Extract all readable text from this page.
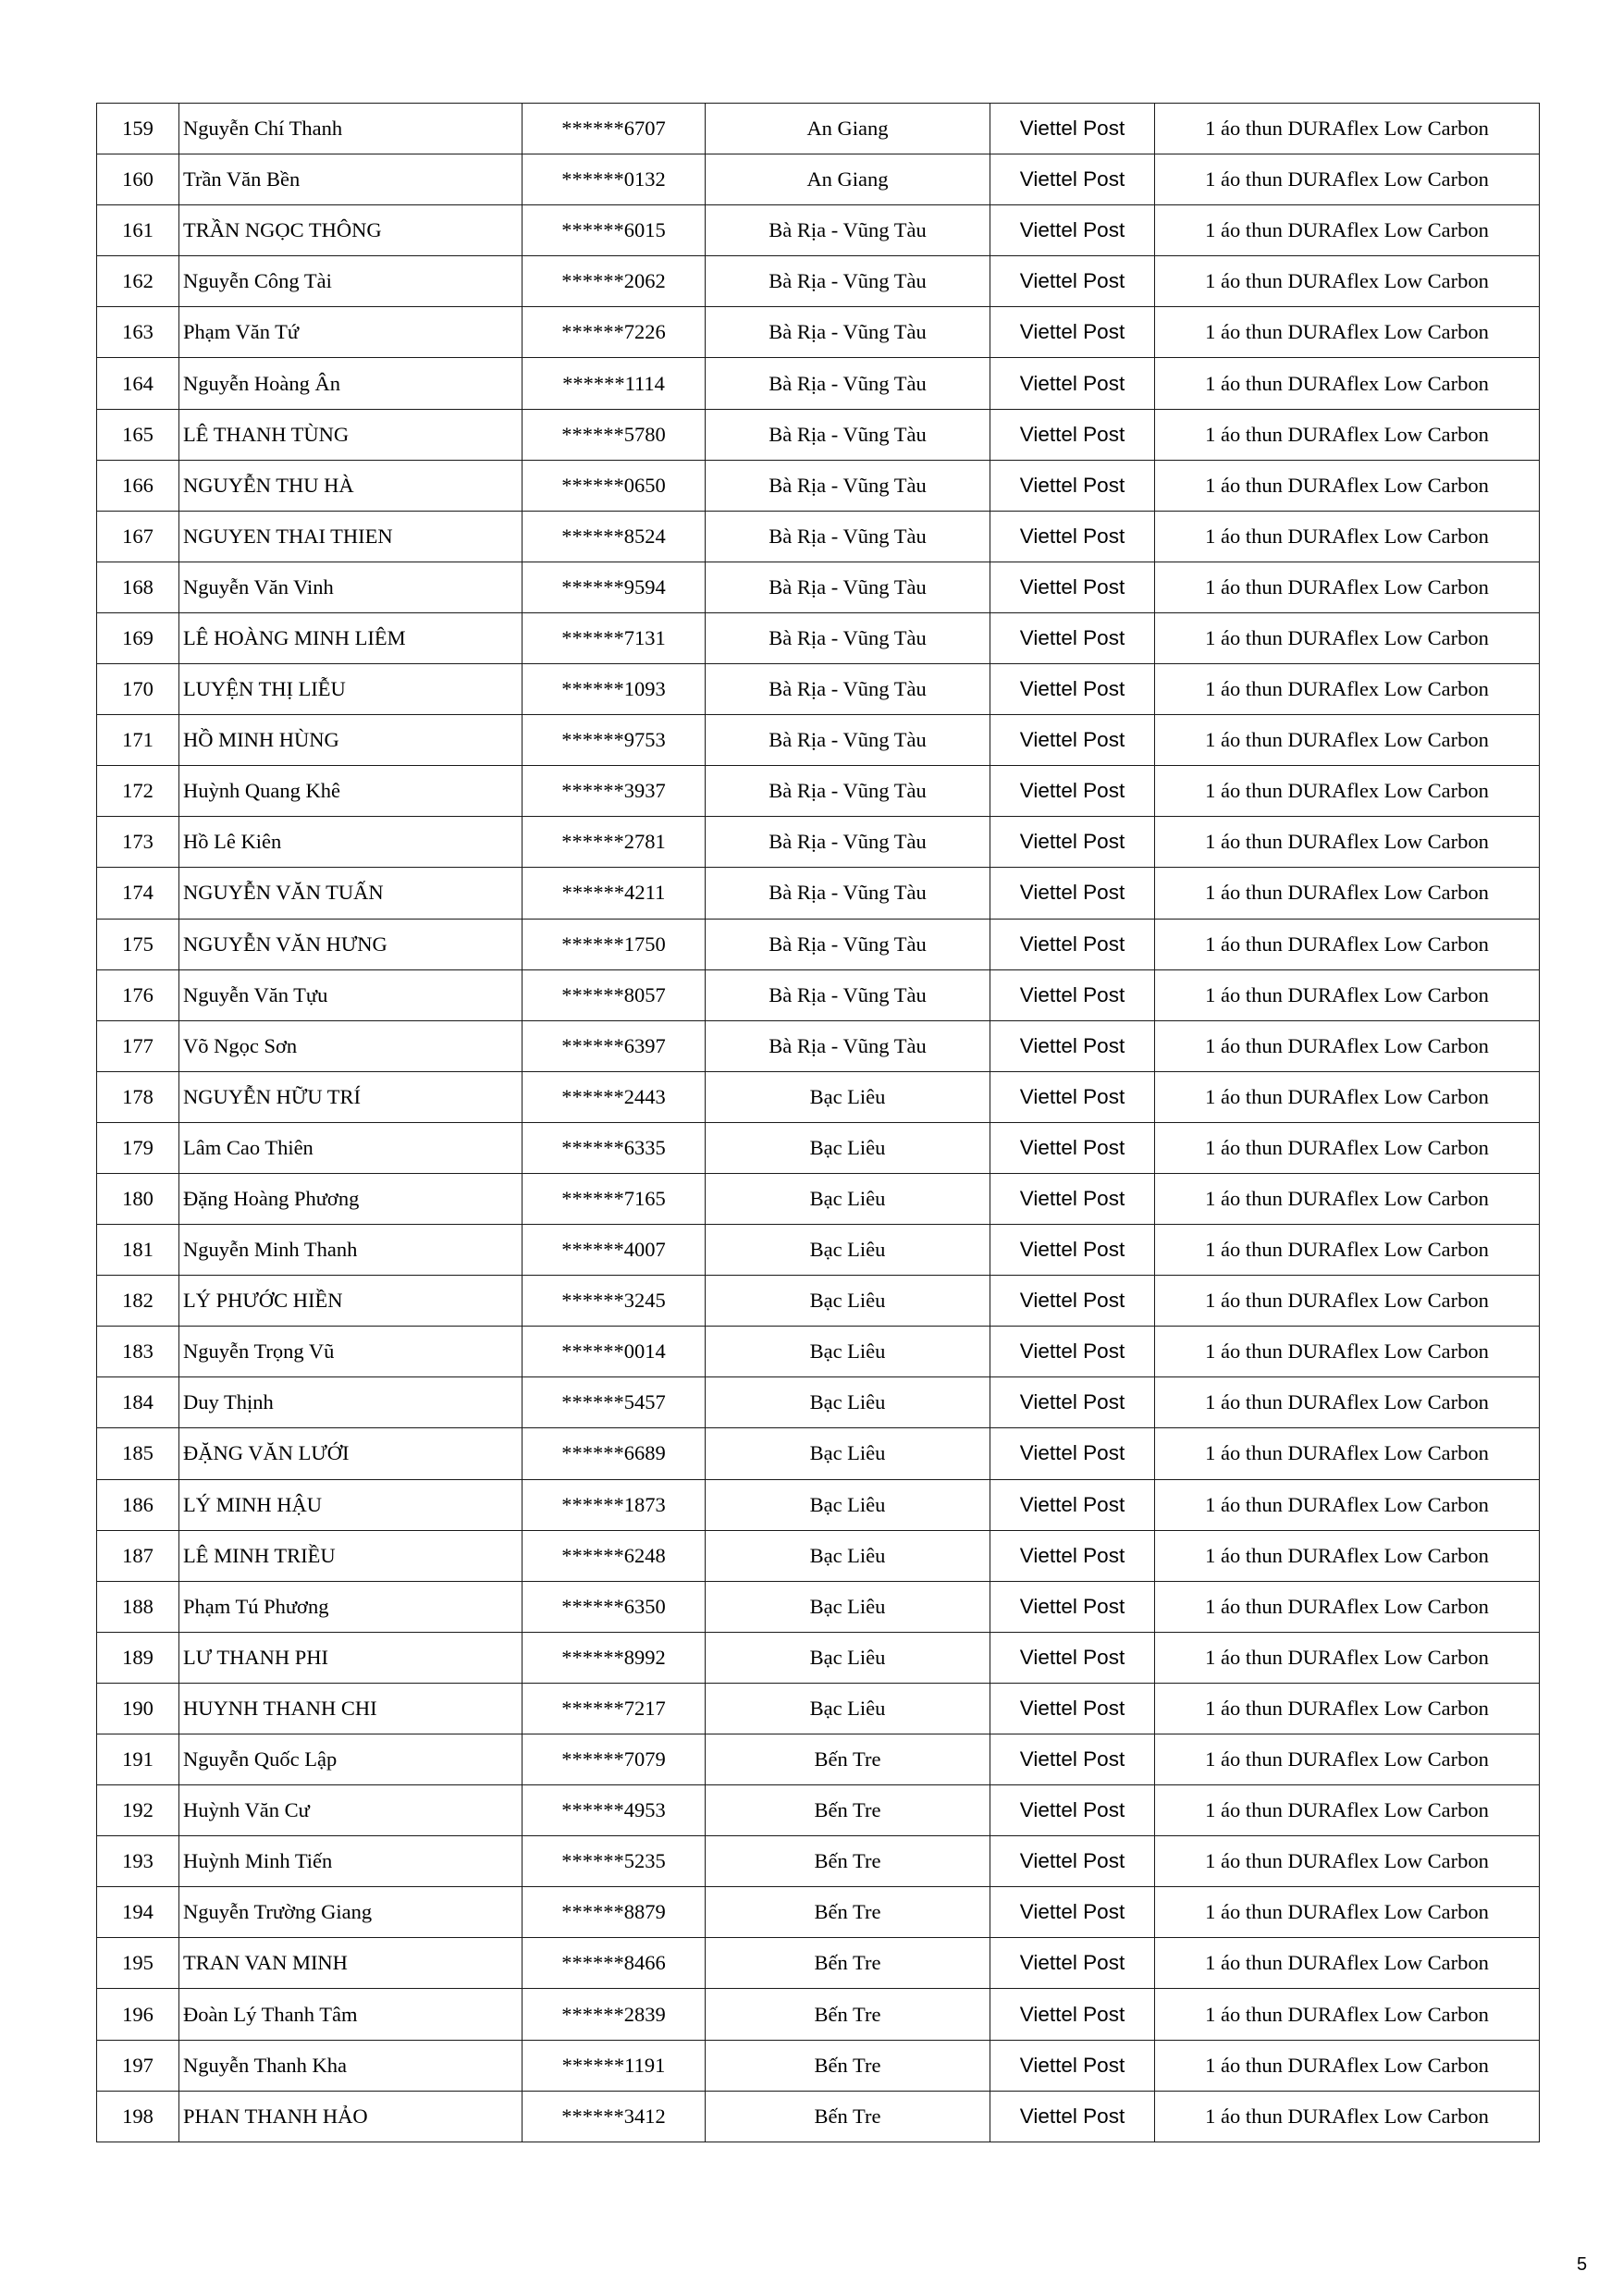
159	Nguyễn Chí Thanh	******6707	An Giang	Viettel Post	1 áo thun DURAflex Low Carbon
160	Trần Văn Bền	******0132	An Giang	Viettel Post	1 áo thun DURAflex Low Carbon
161	TRẦN NGỌC THÔNG	******6015	Bà Rịa - Vũng Tàu	Viettel Post	1 áo thun DURAflex Low Carbon
162	Nguyễn Công Tài	******2062	Bà Rịa - Vũng Tàu	Viettel Post	1 áo thun DURAflex Low Carbon
163	Phạm Văn Tứ	******7226	Bà Rịa - Vũng Tàu	Viettel Post	1 áo thun DURAflex Low Carbon
164	Nguyễn Hoàng Ân	******1114	Bà Rịa - Vũng Tàu	Viettel Post	1 áo thun DURAflex Low Carbon
165	LÊ THANH TÙNG	******5780	Bà Rịa - Vũng Tàu	Viettel Post	1 áo thun DURAflex Low Carbon
166	NGUYỄN THU HÀ	******0650	Bà Rịa - Vũng Tàu	Viettel Post	1 áo thun DURAflex Low Carbon
167	NGUYEN THAI THIEN	******8524	Bà Rịa - Vũng Tàu	Viettel Post	1 áo thun DURAflex Low Carbon
168	Nguyễn Văn Vinh	******9594	Bà Rịa - Vũng Tàu	Viettel Post	1 áo thun DURAflex Low Carbon
169	LÊ HOÀNG MINH LIÊM	******7131	Bà Rịa - Vũng Tàu	Viettel Post	1 áo thun DURAflex Low Carbon
170	LUYỆN THỊ LIỄU	******1093	Bà Rịa - Vũng Tàu	Viettel Post	1 áo thun DURAflex Low Carbon
171	HỒ MINH HÙNG	******9753	Bà Rịa - Vũng Tàu	Viettel Post	1 áo thun DURAflex Low Carbon
172	Huỳnh Quang Khê	******3937	Bà Rịa - Vũng Tàu	Viettel Post	1 áo thun DURAflex Low Carbon
173	Hồ Lê Kiên	******2781	Bà Rịa - Vũng Tàu	Viettel Post	1 áo thun DURAflex Low Carbon
174	NGUYỄN VĂN TUẤN	******4211	Bà Rịa - Vũng Tàu	Viettel Post	1 áo thun DURAflex Low Carbon
175	NGUYỄN VĂN HƯNG	******1750	Bà Rịa - Vũng Tàu	Viettel Post	1 áo thun DURAflex Low Carbon
176	Nguyễn Văn Tựu	******8057	Bà Rịa - Vũng Tàu	Viettel Post	1 áo thun DURAflex Low Carbon
177	Võ Ngọc Sơn	******6397	Bà Rịa - Vũng Tàu	Viettel Post	1 áo thun DURAflex Low Carbon
178	NGUYỄN HỮU TRÍ	******2443	Bạc Liêu	Viettel Post	1 áo thun DURAflex Low Carbon
179	Lâm Cao Thiên	******6335	Bạc Liêu	Viettel Post	1 áo thun DURAflex Low Carbon
180	Đặng Hoàng Phương	******7165	Bạc Liêu	Viettel Post	1 áo thun DURAflex Low Carbon
181	Nguyễn Minh Thanh	******4007	Bạc Liêu	Viettel Post	1 áo thun DURAflex Low Carbon
182	LÝ PHƯỚC HIỀN	******3245	Bạc Liêu	Viettel Post	1 áo thun DURAflex Low Carbon
183	Nguyễn Trọng Vũ	******0014	Bạc Liêu	Viettel Post	1 áo thun DURAflex Low Carbon
184	Duy Thịnh	******5457	Bạc Liêu	Viettel Post	1 áo thun DURAflex Low Carbon
185	ĐẶNG VĂN LƯỚI	******6689	Bạc Liêu	Viettel Post	1 áo thun DURAflex Low Carbon
186	LÝ MINH HẬU	******1873	Bạc Liêu	Viettel Post	1 áo thun DURAflex Low Carbon
187	LÊ MINH TRIỀU	******6248	Bạc Liêu	Viettel Post	1 áo thun DURAflex Low Carbon
188	Phạm Tú Phương	******6350	Bạc Liêu	Viettel Post	1 áo thun DURAflex Low Carbon
189	LƯ THANH PHI	******8992	Bạc Liêu	Viettel Post	1 áo thun DURAflex Low Carbon
190	HUYNH THANH CHI	******7217	Bạc Liêu	Viettel Post	1 áo thun DURAflex Low Carbon
191	Nguyễn Quốc Lập	******7079	Bến Tre	Viettel Post	1 áo thun DURAflex Low Carbon
192	Huỳnh Văn Cư	******4953	Bến Tre	Viettel Post	1 áo thun DURAflex Low Carbon
193	Huỳnh Minh Tiến	******5235	Bến Tre	Viettel Post	1 áo thun DURAflex Low Carbon
194	Nguyễn Trường Giang	******8879	Bến Tre	Viettel Post	1 áo thun DURAflex Low Carbon
195	TRAN VAN MINH	******8466	Bến Tre	Viettel Post	1 áo thun DURAflex Low Carbon
196	Đoàn Lý Thanh Tâm	******2839	Bến Tre	Viettel Post	1 áo thun DURAflex Low Carbon
197	Nguyễn Thanh Kha	******1191	Bến Tre	Viettel Post	1 áo thun DURAflex Low Carbon
198	PHAN THANH HẢO	******3412	Bến Tre	Viettel Post	1 áo thun DURAflex Low Carbon
5
